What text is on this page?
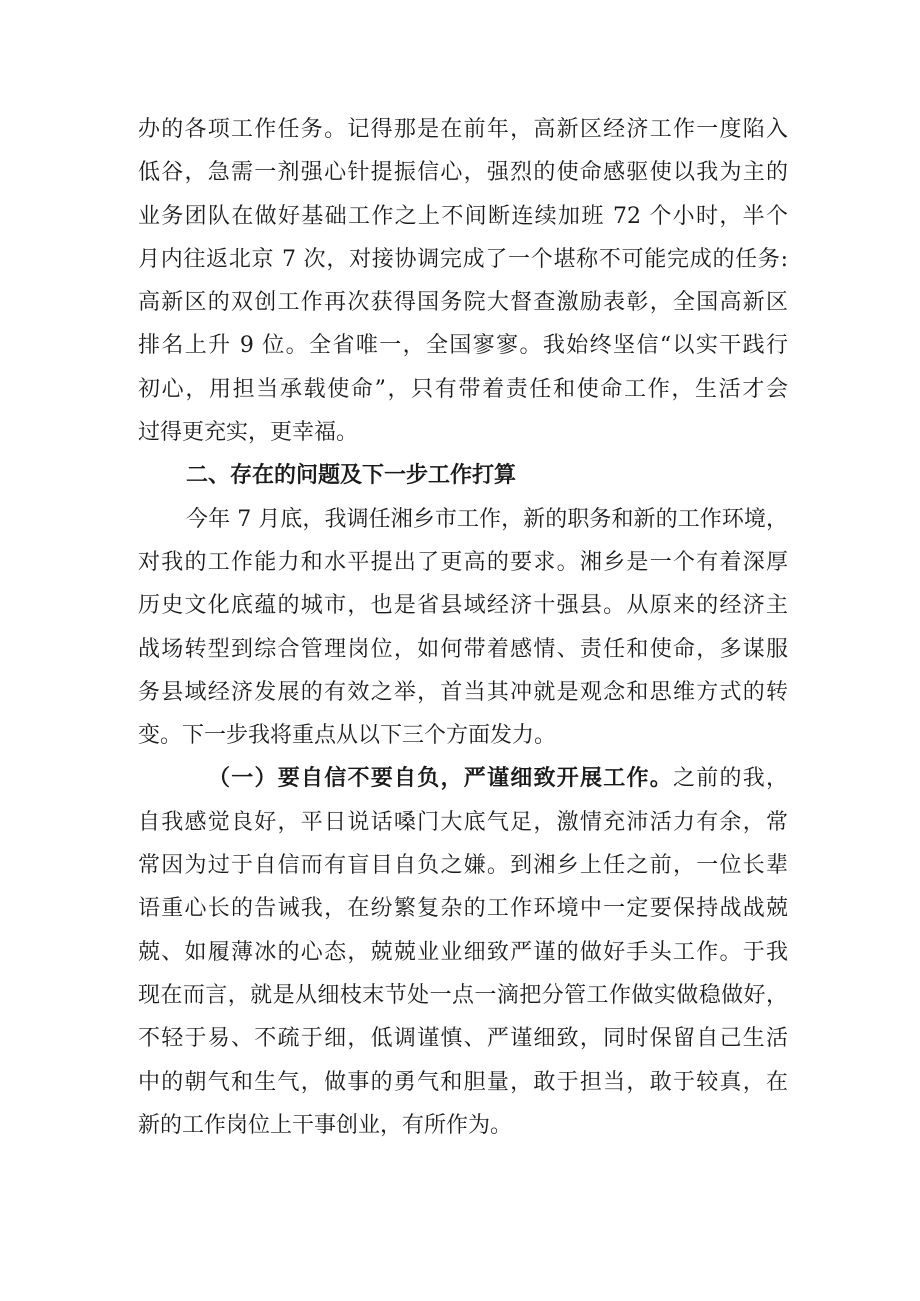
办的各项工作任务。记得那是在前年，高新区经济工作一度陷入

低谷，急需一剂强心针提振信心，强烈的使命感驱使以我为主的

业务团队在做好基础工作之上不间断连续加班 72 个小时，半个

月内往返北京 7 次，对接协调完成了一个堪称不可能完成的任务:

高新区的双创工作再次获得国务院大督查激励表彰，全国高新区

排名上升 9 位。全省唯一，全国寥寥。我始终坚信“以实干践行

初心，用担当承载使命”，只有带着责任和使命工作，生活才会

过得更充实，更幸福。

二、存在的问题及下一步工作打算

今年 7 月底，我调任湘乡市工作，新的职务和新的工作环境，

对我的工作能力和水平提出了更高的要求。湘乡是一个有着深厚

历史文化底蕴的城市，也是省县域经济十强县。从原来的经济主

战场转型到综合管理岗位，如何带着感情、责任和使命，多谋服

务县域经济发展的有效之举，首当其冲就是观念和思维方式的转

变。下一步我将重点从以下三个方面发力。

（一）要自信不要自负，严谨细致开展工作。之前的我，

自我感觉良好，平日说话嗓门大底气足，激情充沛活力有余，常

常因为过于自信而有盲目自负之嫌。到湘乡上任之前，一位长辈

语重心长的告诫我，在纷繁复杂的工作环境中一定要保持战战兢

兢、如履薄冰的心态，兢兢业业细致严谨的做好手头工作。于我

现在而言，就是从细枝末节处一点一滴把分管工作做实做稳做好，

不轻于易、不疏于细，低调谨慎、严谨细致，同时保留自己生活

中的朝气和生气，做事的勇气和胆量，敢于担当，敢于较真，在

新的工作岗位上干事创业，有所作为。
